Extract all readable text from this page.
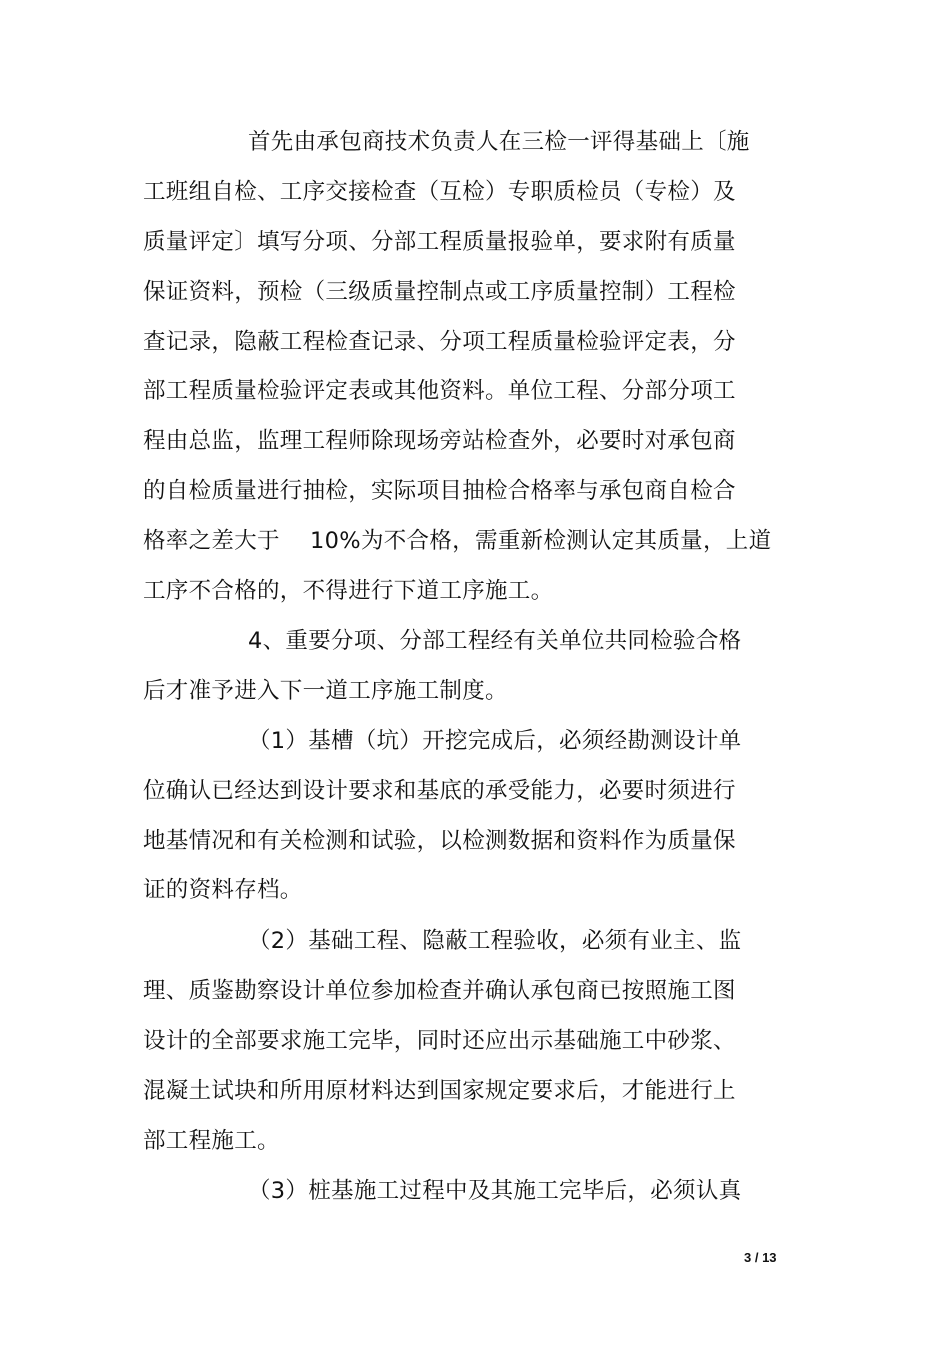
首先由承包商技术负责人在三检一评得基础上〔施
工班组自检、工序交接检查（互检）专职质检员（专检）及
质量评定〕填写分项、分部工程质量报验单，要求附有质量
保证资料，预检（三级质量控制点或工序质量控制）工程检
查记录，隐蔽工程检查记录、分项工程质量检验评定表，分
部工程质量检验评定表或其他资料。单位工程、分部分项工
程由总监，监理工程师除现场旁站检查外，必要时对承包商
的自检质量进行抽检，实际项目抽检合格率与承包商自检合
格率之差大于　 10%为不合格，需重新检测认定其质量，上道
工序不合格的，不得进行下道工序施工。
4、重要分项、分部工程经有关单位共同检验合格
后才准予进入下一道工序施工制度。
（1）基槽（坑）开挖完成后，必须经勘测设计单
位确认已经达到设计要求和基底的承受能力，必要时须进行
地基情况和有关检测和试验，以检测数据和资料作为质量保
证的资料存档。
（2）基础工程、隐蔽工程验收，必须有业主、监
理、质鉴勘察设计单位参加检查并确认承包商已按照施工图
设计的全部要求施工完毕，同时还应出示基础施工中砂浆、
混凝土试块和所用原材料达到国家规定要求后，才能进行上
部工程施工。
（3）桩基施工过程中及其施工完毕后，必须认真
3 / 13
